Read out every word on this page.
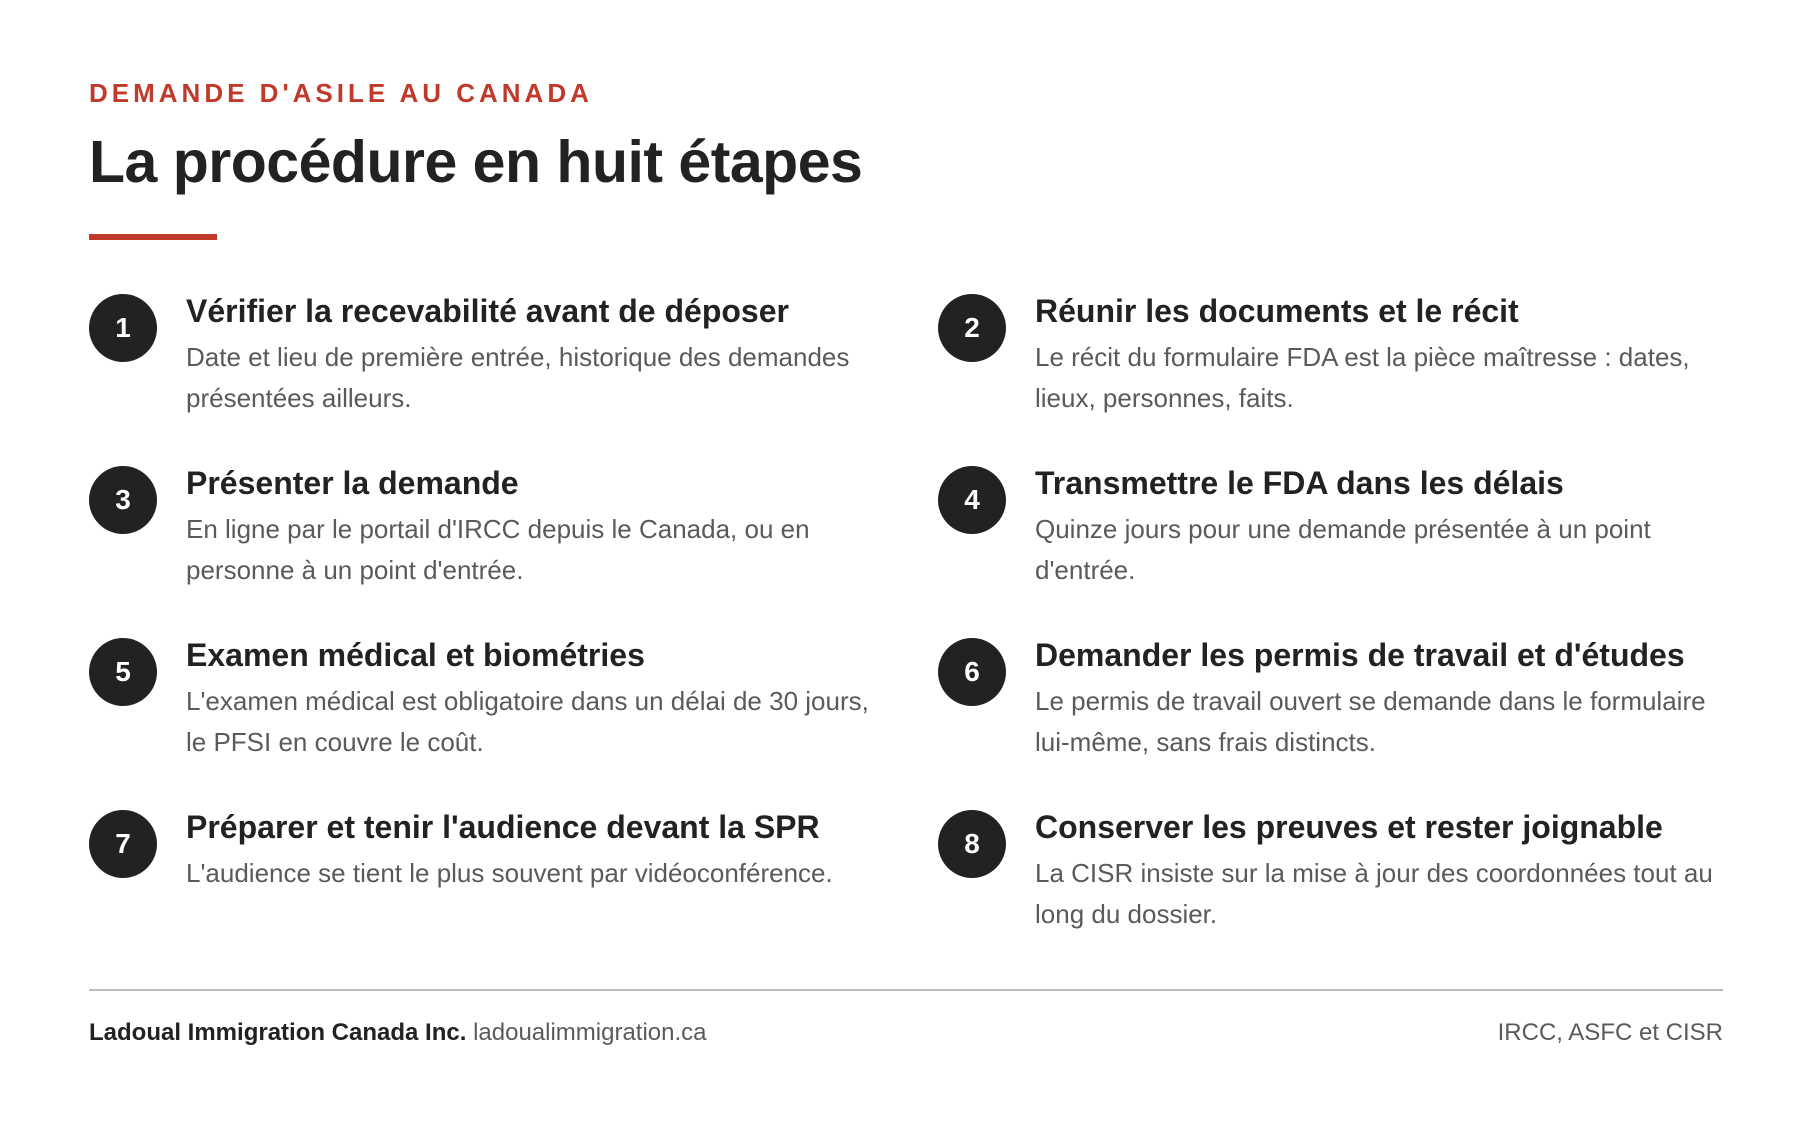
DEMANDE D'ASILE AU CANADA
La procédure en huit étapes
1	Vérifier la recevabilité avant de déposer
Date et lieu de première entrée, historique des demandes présentées ailleurs.
2	Réunir les documents et le récit
Le récit du formulaire FDA est la pièce maîtresse : dates, lieux, personnes, faits.
3	Présenter la demande
En ligne par le portail d'IRCC depuis le Canada, ou en personne à un point d'entrée.
4	Transmettre le FDA dans les délais
Quinze jours pour une demande présentée à un point d'entrée.
5	Examen médical et biométries
L'examen médical est obligatoire dans un délai de 30 jours, le PFSI en couvre le coût.
6	Demander les permis de travail et d'études
Le permis de travail ouvert se demande dans le formulaire lui-même, sans frais distincts.
7	Préparer et tenir l'audience devant la SPR
L'audience se tient le plus souvent par vidéoconférence.
8	Conserver les preuves et rester joignable
La CISR insiste sur la mise à jour des coordonnées tout au long du dossier.
Ladoual Immigration Canada Inc. ladoualimmigration.ca	IRCC, ASFC et CISR
